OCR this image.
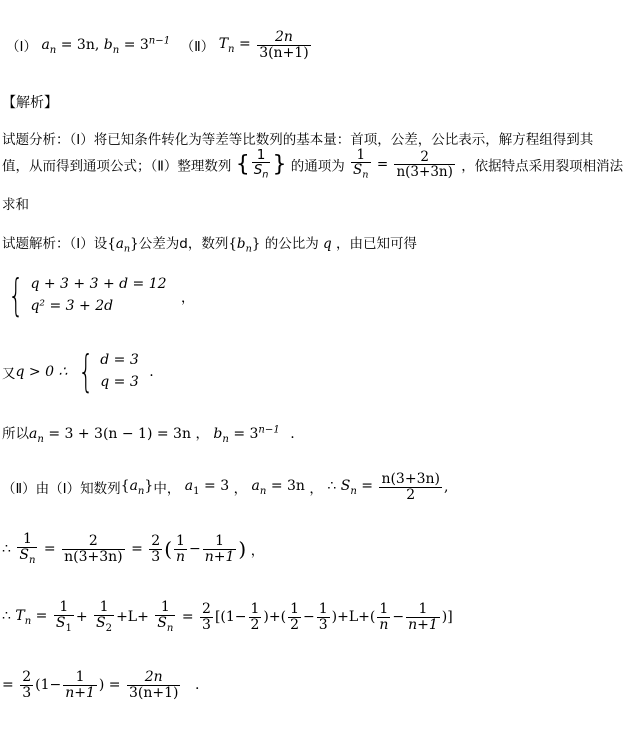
（Ⅰ） $a_n = 3n$, $b_n = 3^{n-1}$ （Ⅱ） $T_n = \frac{2n}{3(n+1)}$
【解析】
试题分析：（Ⅰ）将已知条件转化为等差等比数列的基本量：首项，公差，公比表示，解方程组得到其
值，从而得到通项公式；（Ⅱ）整理数列 { $\frac{1}{S_n}$ } 的通项为 $\frac{1}{S_n} = \frac{2}{n(3+3n)}$ ，依据特点采用裂项相消法
求和
试题解析：（Ⅰ）设$\{a_n\}$公差为d，数列$\{b_n\}$ 的公比为 q ，由已知可得
{ q + 3 + 3 + d = 12
q² = 3 + 2d	，
又q > 0 ∴ { d = 3
q = 3 .
所以$a_n = 3 + 3(n - 1) = 3n$ ， $b_n = 3^{n-1}$ .
（Ⅱ）由（Ⅰ）知数列$\{a_n\}$中， $a_1 = 3$ ， $a_n = 3n$ ， ∴ $S_n = \frac{n(3+3n)}{2}$ ,
∴ $\frac{1}{S_n} = \frac{2}{n(3+3n)} = \frac{2}{3}$ ( $\frac{1}{n} - \frac{1}{n+1}$ ) ，
∴ $T_n = \frac{1}{S_1} + \frac{1}{S_2} +L+ \frac{1}{S_n} = \frac{2}{3} [(1- \frac{1}{2}$ )+( $\frac{1}{2} - \frac{1}{3} )+L+( \frac{1}{n} - \frac{1}{n+1}$ )]
= $\frac{2}{3} (1- \frac{1}{n+1}$ ) = $\frac{2n}{3(n+1)}$ .
